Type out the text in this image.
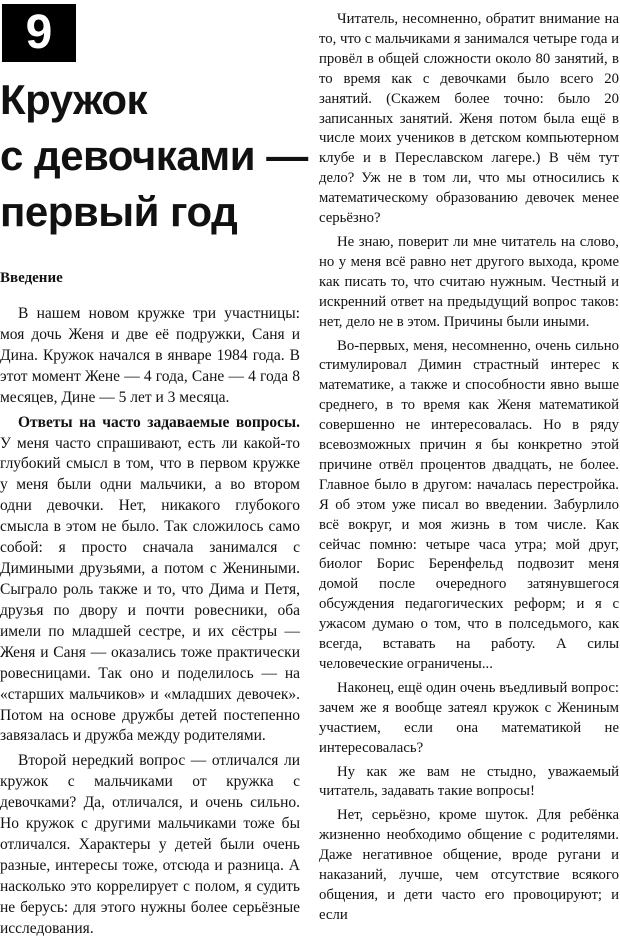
9
Кружок
с девочками —
первый год
Введение

В нашем новом кружке три участницы: моя дочь Женя и две её подружки, Саня и Дина. Кружок начался в январе 1984 года. В этот момент Жене — 4 года, Сане — 4 года 8 месяцев, Дине — 5 лет и 3 месяца.

Ответы на часто задаваемые вопросы. У меня часто спрашивают, есть ли какой-то глубокий смысл в том, что в первом кружке у меня были одни мальчики, а во втором одни девочки. Нет, никакого глубокого смысла в этом не было. Так сложилось само собой: я просто сначала занимался с Димиными друзьями, а потом с Жениными. Сыграло роль также и то, что Дима и Петя, друзья по двору и почти ровесники, оба имели по младшей сестре, и их сёстры — Женя и Саня — оказались тоже практически ровесницами. Так оно и поделилось — на «старших мальчиков» и «младших девочек». Потом на основе дружбы детей постепенно завязалась и дружба между родителями.

Второй нередкий вопрос — отличался ли кружок с мальчиками от кружка с девочками? Да, отличался, и очень сильно. Но кружок с другими мальчиками тоже бы отличался. Характеры у детей были очень разные, интересы тоже, отсюда и разница. А насколько это коррелирует с полом, я судить не берусь: для этого нужны более серьёзные исследования.

Читатель, несомненно, обратит внимание на то, что с мальчиками я занимался четыре года и провёл в общей сложности около 80 занятий, в то время как с девочками было всего 20 занятий. (Скажем более точно: было 20 записанных занятий. Женя потом была ещё в числе моих учеников в детском компьютерном клубе и в Переславском лагере.) В чём тут дело? Уж не в том ли, что мы относились к математическому образованию девочек менее серьёзно?

Не знаю, поверит ли мне читатель на слово, но у меня всё равно нет другого выхода, кроме как писать то, что считаю нужным. Честный и искренний ответ на предыдущий вопрос таков: нет, дело не в этом. Причины были иными.

Во-первых, меня, несомненно, очень сильно стимулировал Димин страстный интерес к математике, а также и способности явно выше среднего, в то время как Женя математикой совершенно не интересовалась. Но в ряду всевозможных причин я бы конкретно этой причине отвёл процентов двадцать, не более. Главное было в другом: началась перестройка. Я об этом уже писал во введении. Забурлило всё вокруг, и моя жизнь в том числе. Как сейчас помню: четыре часа утра; мой друг, биолог Борис Беренфельд подвозит меня домой после очередного затянувшегося обсуждения педагогических реформ; и я с ужасом думаю о том, что в полседьмого, как всегда, вставать на работу. А силы человеческие ограничены...

Наконец, ещё один очень въедливый вопрос: зачем же я вообще затеял кружок с Жениным участием, если она математикой не интересовалась?

Ну как же вам не стыдно, уважаемый читатель, задавать такие вопросы!

Нет, серьёзно, кроме шуток. Для ребёнка жизненно необходимо общение с родителями. Даже негативное общение, вроде ругани и наказаний, лучше, чем отсутствие всякого общения, и дети часто его провоцируют; и если
